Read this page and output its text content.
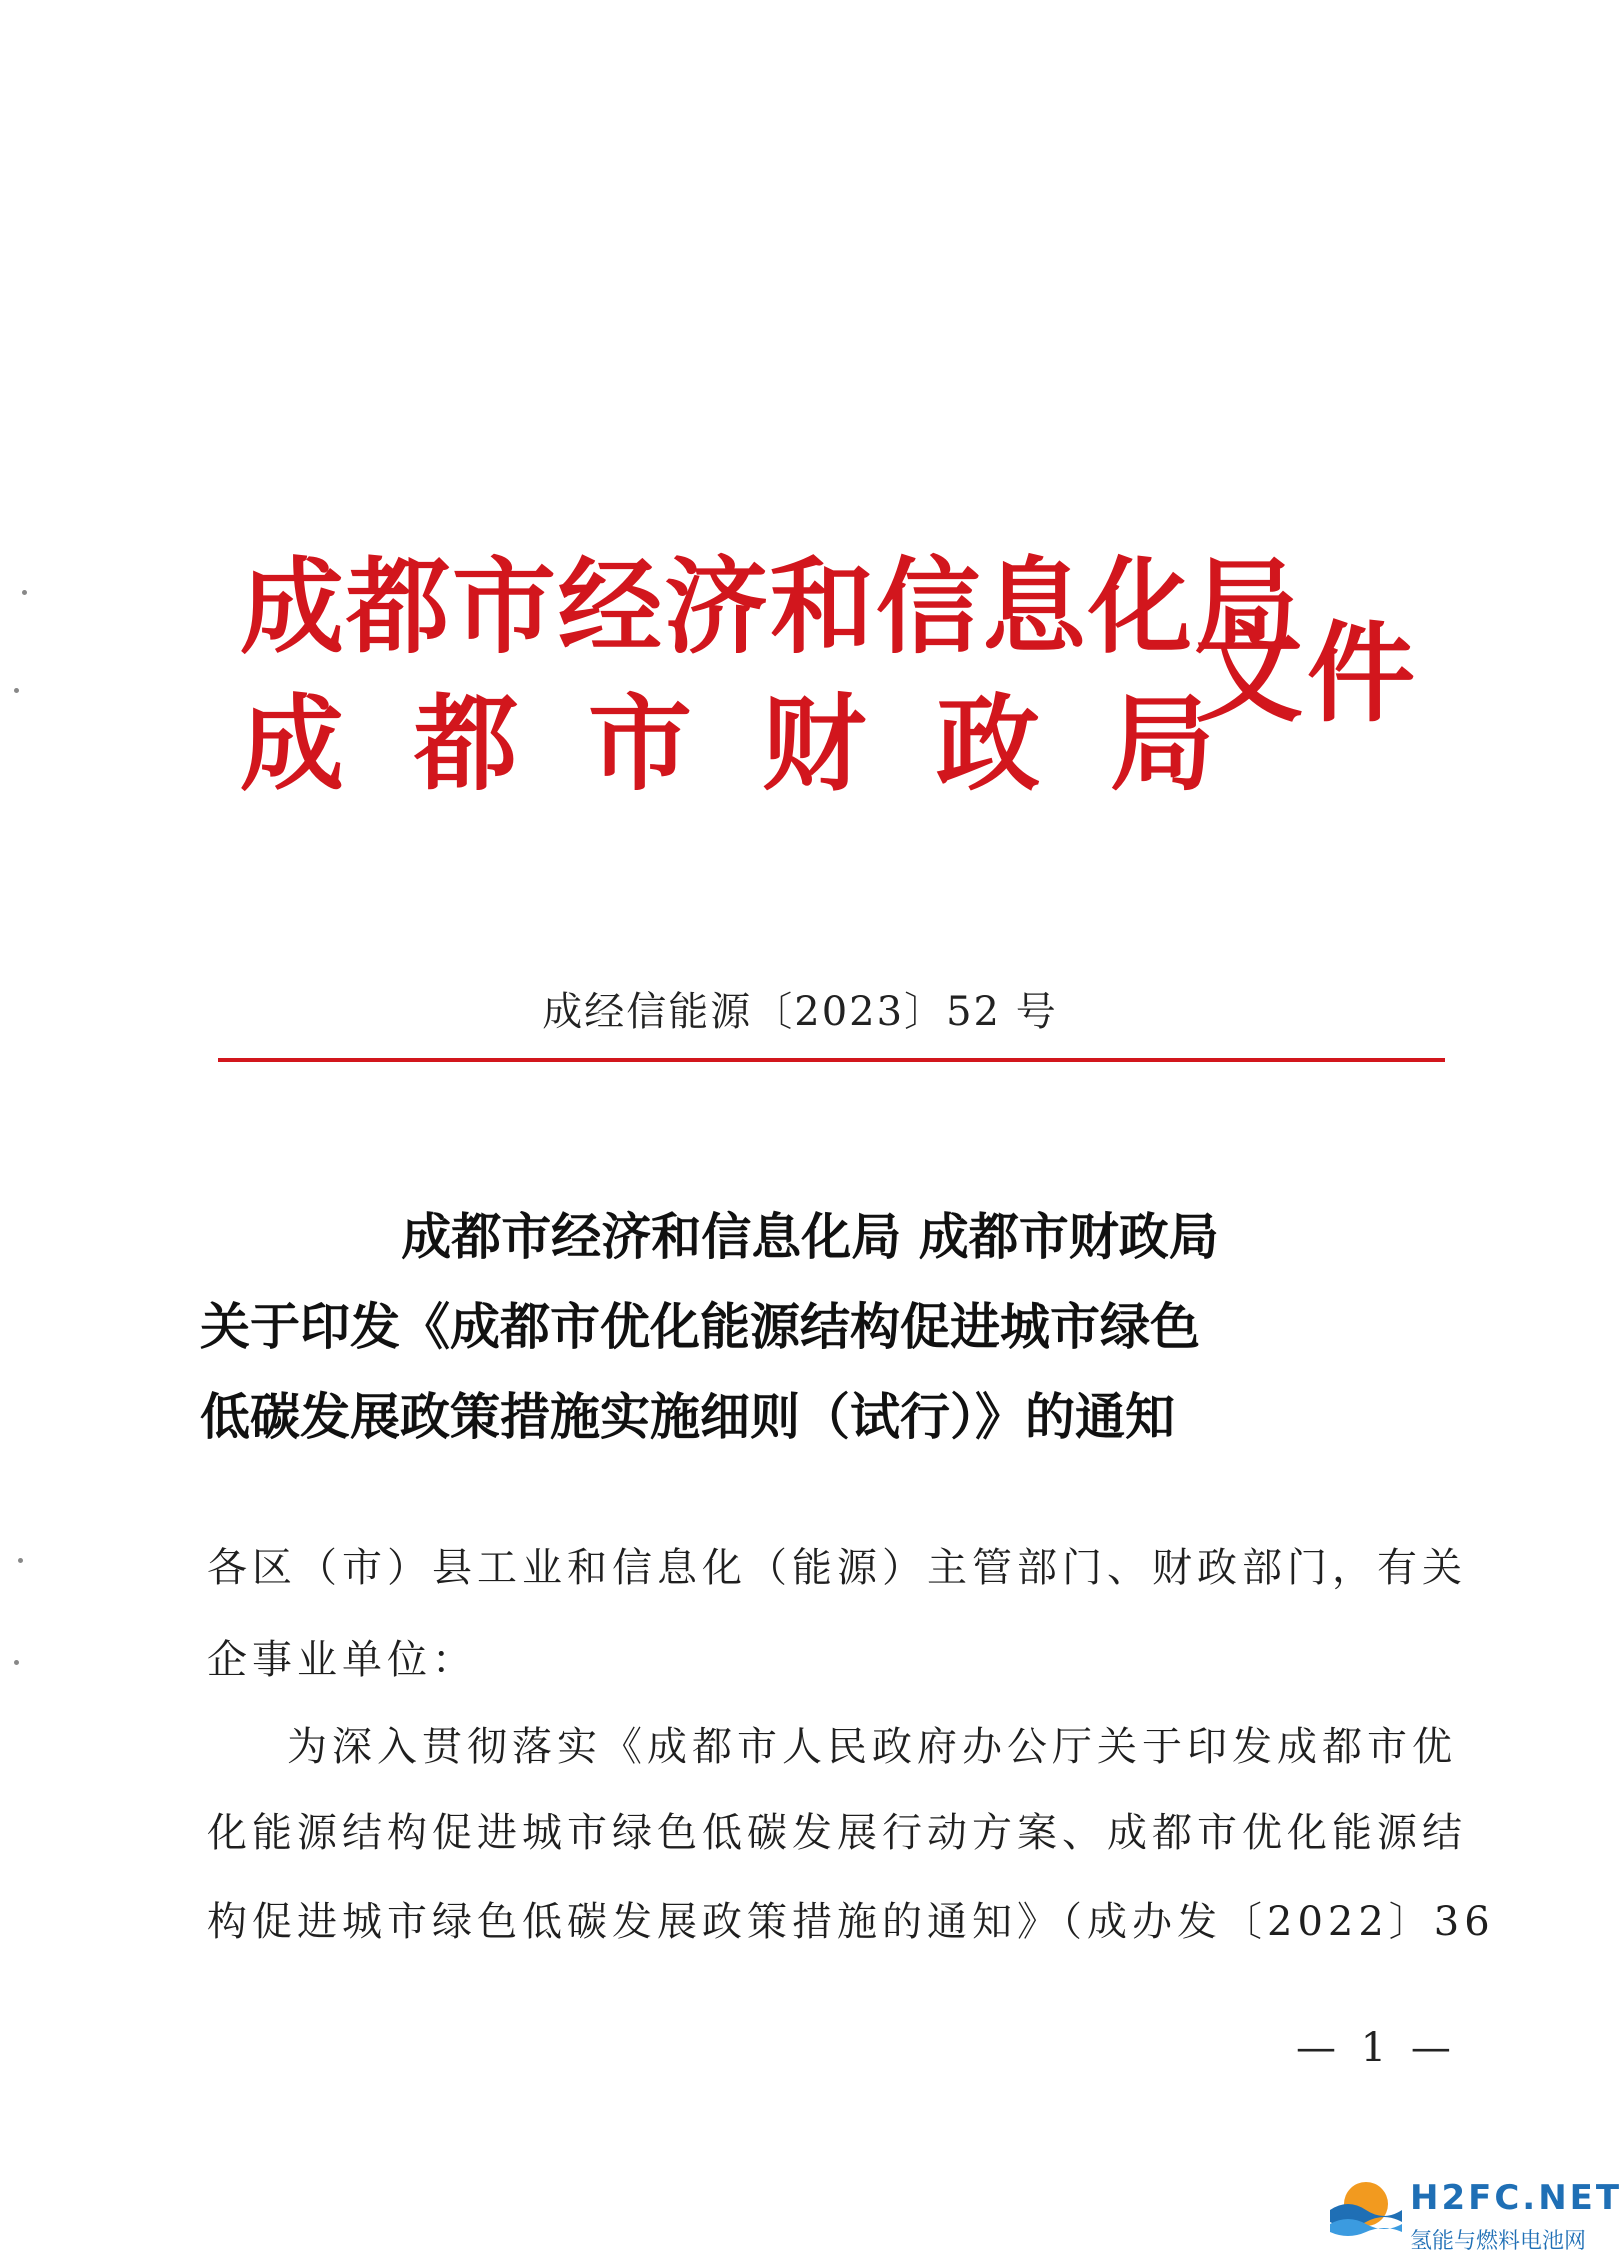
成都市经济和信息化局
成都市财政局
文件
成经信能源〔2023〕52 号
成都市经济和信息化局 成都市财政局
关于印发《成都市优化能源结构促进城市绿色
低碳发展政策措施实施细则（试行）》的通知
各区（市）县工业和信息化（能源）主管部门、财政部门，有关
企事业单位：
为深入贯彻落实《成都市人民政府办公厅关于印发成都市优
化能源结构促进城市绿色低碳发展行动方案、成都市优化能源结
构促进城市绿色低碳发展政策措施的通知》（成办发〔2022〕36
— 1 —
H2FC.NET
氢能与燃料电池网
